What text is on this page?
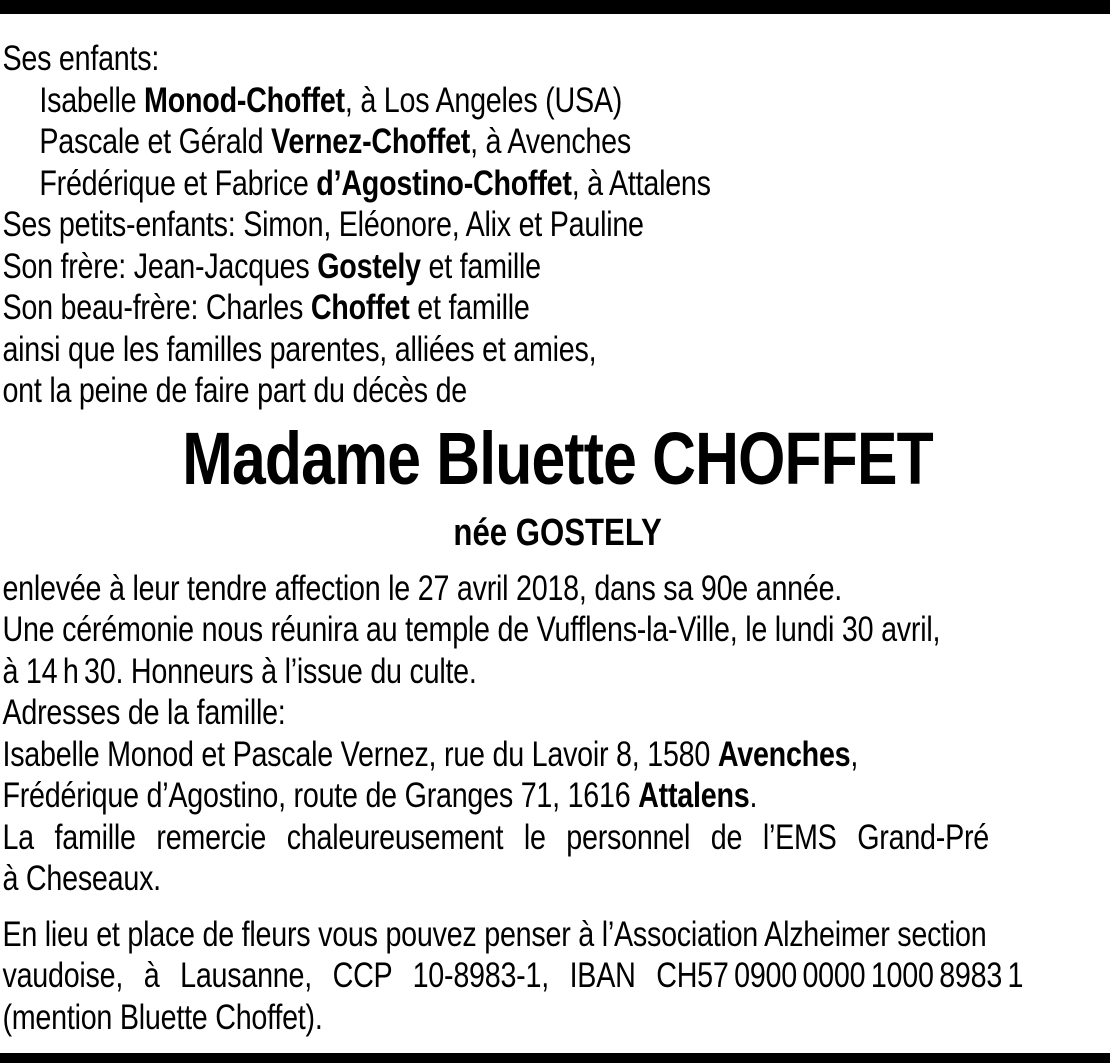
Ses enfants:
Isabelle Monod-Choffet, à Los Angeles (USA)
Pascale et Gérald Vernez-Choffet, à Avenches
Frédérique et Fabrice d’Agostino-Choffet, à Attalens
Ses petits-enfants: Simon, Eléonore, Alix et Pauline
Son frère: Jean-Jacques Gostely et famille
Son beau-frère: Charles Choffet et famille
ainsi que les familles parentes, alliées et amies,
ont la peine de faire part du décès de
Madame Bluette CHOFFET
née GOSTELY
enlevée à leur tendre affection le 27 avril 2018, dans sa 90e année.
Une cérémonie nous réunira au temple de Vufflens-la-Ville, le lundi 30 avril,
à 14 h 30. Honneurs à l’issue du culte.
Adresses de la famille:
Isabelle Monod et Pascale Vernez, rue du Lavoir 8, 1580 Avenches,
Frédérique d’Agostino, route de Granges 71, 1616 Attalens.
La famille remercie chaleureusement le personnel de l’EMS Grand-Pré
à Cheseaux.
En lieu et place de fleurs vous pouvez penser à l’Association Alzheimer section
vaudoise, à Lausanne, CCP 10-8983-1, IBAN CH57 0900 0000 1000 8983 1
(mention Bluette Choffet).
